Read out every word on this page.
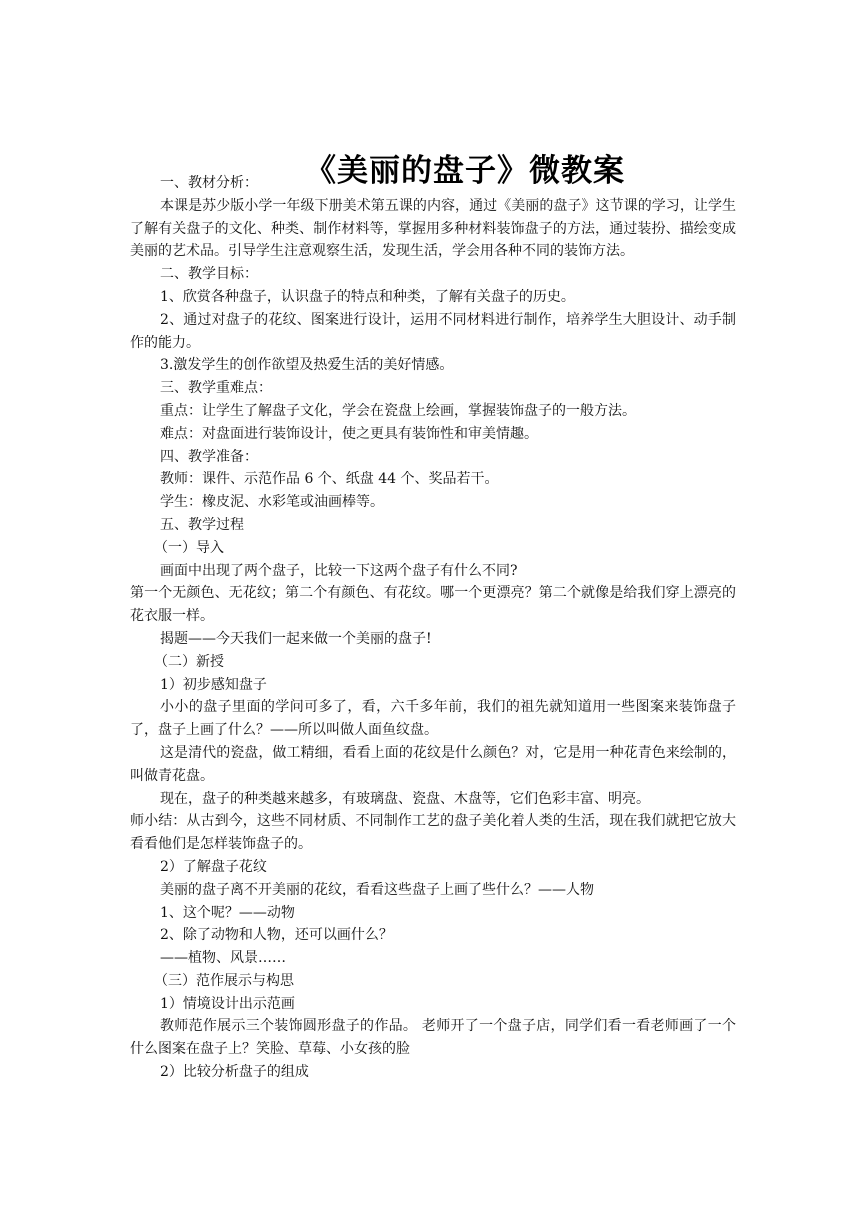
《美丽的盘子》微教案

一、教材分析：

本课是苏少版小学一年级下册美术第五课的内容，通过《美丽的盘子》这节课的学习，让学生了解有关盘子的文化、种类、制作材料等，掌握用多种材料装饰盘子的方法，通过装扮、描绘变成美丽的艺术品。引导学生注意观察生活，发现生活，学会用各种不同的装饰方法。

二、教学目标：

1、欣赏各种盘子，认识盘子的特点和种类，了解有关盘子的历史。

2、通过对盘子的花纹、图案进行设计，运用不同材料进行制作，培养学生大胆设计、动手制作的能力。

3.激发学生的创作欲望及热爱生活的美好情感。

三、教学重难点：

重点：让学生了解盘子文化，学会在瓷盘上绘画，掌握装饰盘子的一般方法。

难点：对盘面进行装饰设计，使之更具有装饰性和审美情趣。

四、教学准备：

教师：课件、示范作品 6 个、纸盘 44 个、奖品若干。

学生：橡皮泥、水彩笔或油画棒等。

五、教学过程

（一）导入

画面中出现了两个盘子，比较一下这两个盘子有什么不同?

第一个无颜色、无花纹；第二个有颜色、有花纹。哪一个更漂亮？第二个就像是给我们穿上漂亮的花衣服一样。

揭题——今天我们一起来做一个美丽的盘子!

（二）新授

1）初步感知盘子

小小的盘子里面的学问可多了，看，六千多年前，我们的祖先就知道用一些图案来装饰盘子了，盘子上画了什么？——所以叫做人面鱼纹盘。

这是清代的瓷盘，做工精细，看看上面的花纹是什么颜色？对，它是用一种花青色来绘制的，叫做青花盘。

现在，盘子的种类越来越多，有玻璃盘、瓷盘、木盘等，它们色彩丰富、明亮。

师小结：从古到今，这些不同材质、不同制作工艺的盘子美化着人类的生活，现在我们就把它放大看看他们是怎样装饰盘子的。

2）了解盘子花纹

美丽的盘子离不开美丽的花纹，看看这些盘子上画了些什么？——人物

1、这个呢？——动物

2、除了动物和人物，还可以画什么？

——植物、风景……

（三）范作展示与构思

1）情境设计出示范画

教师范作展示三个装饰圆形盘子的作品。 老师开了一个盘子店，同学们看一看老师画了一个什么图案在盘子上？笑脸、草莓、小女孩的脸

2）比较分析盘子的组成
